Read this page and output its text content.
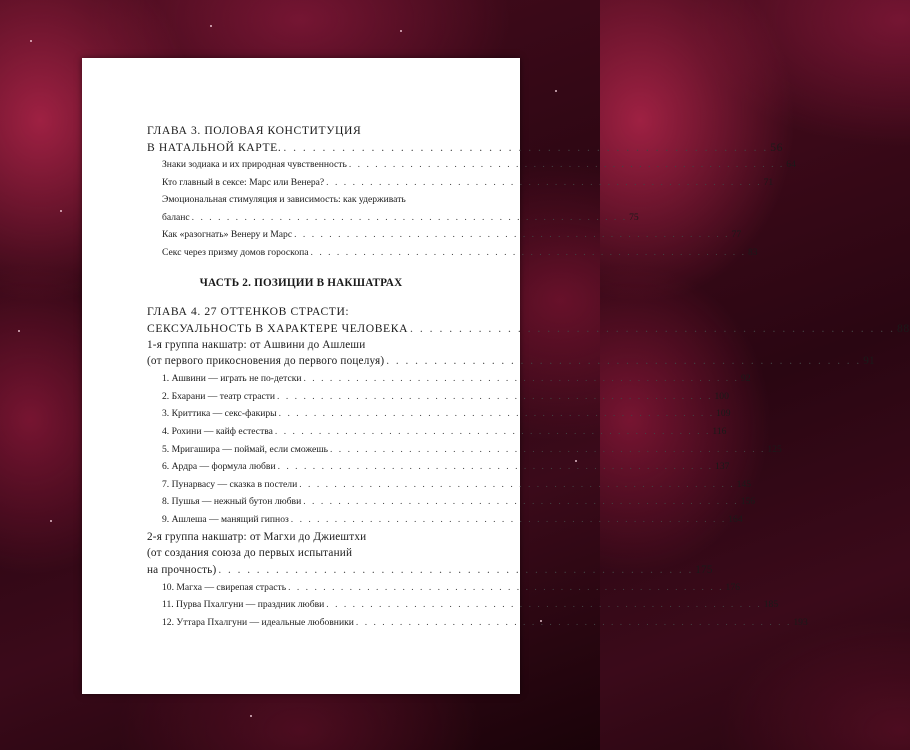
ГЛАВА 3. ПОЛОВАЯ КОНСТИТУЦИЯ
В НАТАЛЬНОЙ КАРТЕ. . . .	56
Знаки зодиака и их природная чувственность . . .	64
Кто главный в сексе: Марс или Венера? . . .	71
Эмоциональная стимуляция и зависимость: как удерживать
баланс . . .	75
Как «разогнать» Венеру и Марс . . .	77
Секс через призму домов гороскопа . . .	83
ЧАСТЬ 2. ПОЗИЦИИ В НАКШАТРАХ
ГЛАВА 4. 27 ОТТЕНКОВ СТРАСТИ:
СЕКСУАЛЬНОСТЬ В ХАРАКТЕРЕ ЧЕЛОВЕКА . . .	88
1-я группа накшатр: от Ашвини до Ашлеши
(от первого прикосновения до первого поцелуя) . . .	91
1. Ашвини — играть не по-детски . . .	92
2. Бхарани — театр страсти . . .	100
3. Криттика — секс-факиры . . .	109
4. Рохини — кайф естества . . .	116
5. Мригашира — поймай, если сможешь . . .	125
6. Ардра — формула любви . . .	137
7. Пунарвасу — сказка в постели . . .	145
8. Пушья — нежный бутон любви . . .	156
9. Ашлеша — манящий гипноз . . .	164
2-я группа накшатр: от Магхи до Джиештхи
(от создания союза до первых испытаний
на прочность) . . .	175
10. Магха — свирепая страсть . . .	176
11. Пурва Пхалгуни — праздник любви . . .	185
12. Уттара Пхалгуни — идеальные любовники . . .	193
